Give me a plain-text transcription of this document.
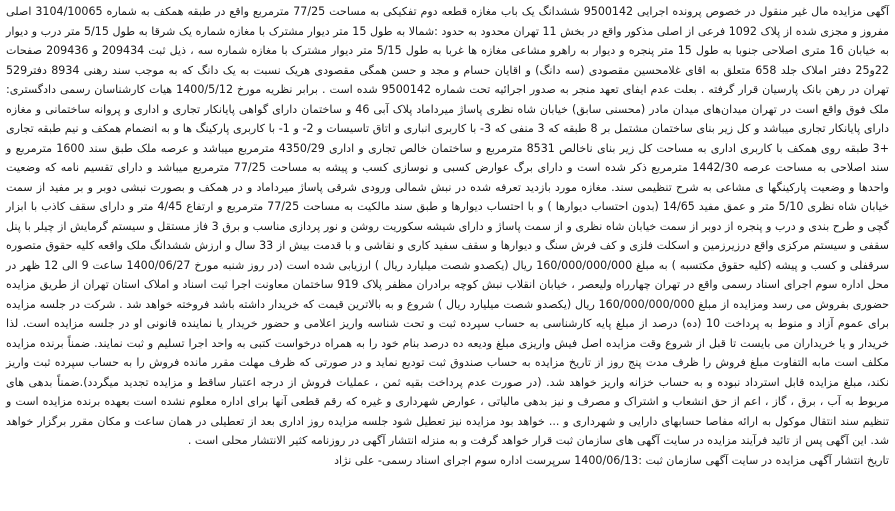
آگهی مزایده مال غیر منقول در خصوص پرونده اجرایی 9500142 ششدانگ یک باب مغازه قطعه دوم تفکیکی به مساحت 77/25 مترمربع واقع در طبقه همکف به شماره 3104/10065 اصلی مفروز و مجزی شده از پلاک 1092 فرعی از اصلی مذکور واقع در بخش 11 تهران محدود به حدود :شمالا به طول 15 متر دیوار مشترک با مغازه شماره یک شرقا به طول 5/15 متر درب و دیوار به خیابان 16 متری اصلاحی جنوبا به طول 15 متر پنجره و دیوار به راهرو مشاعی مغازه ها غربا به طول 5/15 متر دیوار مشترک با مغازه شماره سه ، ذیل ثبت 209434 و 209436 صفحات 22و25 دفتر املاک جلد 658 متعلق به اقای غلامحسین مقصودی (سه دانگ) و اقایان حسام و مجد و حسن همگی مقصودی هریک نسبت به یک دانگ که به موجب سند رهنی 8934 دفتر529 تهران در رهن بانک پارسیان قرار گرفته . بعلت عدم ایفای تعهد منجر به صدور اجرائیه تحت شماره 9500142 شده است . برابر نظریه مورخ 1400/5/12 هیات کارشناسان رسمی دادگستری: ملک فوق واقع است در تهران میدان‌های میدان مادر (محسنی سابق) خیابان شاه نظری پاساژ میرداماد پلاک آبی 46 و ساختمان دارای گواهی پایانکار تجاری و اداری و پروانه ساختمانی و مغازه دارای پایانکار تجاری میباشد و کل زیر بنای ساختمان مشتمل بر 8 طبقه که 3 منفی که 3- با کاربری انباری و اتاق تاسیسات و 2- و 1- با کاربری پارکینگ ها و به انضمام همکف و نیم طبقه تجاری +3 طبقه روی همکف با کاربری اداری به مساحت کل زیر بنای ناخالص 8531 مترمربع و ساختمان خالص تجاری و اداری 4350/29 مترمربع میباشد و عرصه ملک طبق سند 1600 مترمربع و سند اصلاحی به مساحت عرصه 1442/30 مترمربع ذکر شده است و دارای برگ عوارض کسبی و نوسازی کسب و پیشه به مساحت 77/25 مترمربع میباشد و دارای تقسیم نامه که وضعیت واحدها و وضعیت پارکینگها ی مشاعی به شرح تنظیمی سند. مغازه مورد بازدید تعرفه شده در نبش شمالی ورودی شرقی پاساژ میرداماد و در همکف و بصورت نبشی دوبر و بر مفید از سمت خیابان شاه نظری 5/10 متر و عمق مفید 14/65 (بدون احتساب دیوارها ) و با احتساب دیوارها و طبق سند مالکیت به مساحت 77/25 مترمربع و ارتفاع 4/45 متر و دارای سقف کاذب با ابزار گچی و طرح بندی و درب و پنجره از دوبر از سمت خیابان شاه نظری و از سمت پاساژ و دارای شیشه سکوریت روشن و نور پردازی مناسب و برق 3 فاز مستقل و سیستم گرمایش از چیلر با پنل سقفی و سیستم مرکزی واقع درزیرزمین و اسکلت فلزی و کف فرش سنگ و دیوارها و سقف سفید کاری و نقاشی و با قدمت بیش از 33 سال و ارزش ششدانگ ملک واقعه کلیه حقوق متصوره سرقفلی و کسب و پیشه (کلیه حقوق مکتسبه ) به مبلغ 160/000/000/000 ریال (یکصدو شصت میلیارد ریال ) ارزیابی شده است (در روز شنبه مورخ 1400/06/27 ساعت 9 الی 12 ظهر در محل اداره سوم اجرای اسناد رسمی واقع در تهران چهارراه ولیعصر ، خیابان انقلاب نبش کوچه برادران مظفر پلاک 919 ساختمان معاونت اجرا ثبت اسناد و املاک استان تهران از طریق مزایده حضوری بفروش می رسد ومزایده از مبلغ 160/000/000/000 ریال (یکصدو شصت میلیارد ریال ) شروع و به بالاترین قیمت که خریدار داشته باشد فروخته خواهد شد . شرکت در جلسه مزایده برای عموم آزاد و منوط به پرداخت 10 (ده) درصد از مبلغ پایه کارشناسی به حساب سپرده ثبت و تحت شناسه واریز اعلامی و حضور خریدار یا نماینده قانونی او در جلسه مزایده است. لذا خریدار و یا خریداران می بایست تا قبل از شروع وقت مزایده اصل فیش واریزی مبلغ ودیعه ده درصد بنام خود را به همراه درخواست کتبی به واحد اجرا تسلیم و ثبت نمایند. ضمناً برنده مزایده مکلف است مابه التفاوت مبلغ فروش را ظرف مدت پنج روز از تاریخ مزایده به حساب صندوق ثبت تودیع نماید و در صورتی که ظرف مهلت مقرر مانده فروش را به حساب سپرده ثبت واریز نکند، مبلغ مزایده قابل استرداد نبوده و به حساب خزانه واریز خواهد شد. (در صورت عدم پرداخت بقیه ثمن ، عملیات فروش از درجه اعتبار ساقط و مزایده تجدید میگردد).ضمناً بدهی های مربوط به آب ، برق ، گاز ، اعم از حق انشعاب و اشتراک و مصرف و نیز بدهی مالیاتی ، عوارض شهرداری و غیره که رقم قطعی آنها برای اداره معلوم نشده است بعهده برنده مزایده است و تنظیم سند انتقال موکول به ارائه مفاصا حسابهای دارایی و شهرداری و ... خواهد بود مزایده نیز تعطیل شود جلسه مزایده روز اداری بعد از تعطیلی در همان ساعت و مکان مقرر برگزار خواهد شد. این آگهی پس از تائید فرآیند مزایده در سایت آگهی های سازمان ثبت قرار خواهد گرفت و به منزله انتشار آگهی در روزنامه کثیر الانتشار محلی است .

تاریخ انتشار آگهی مزایده در سایت آگهی سازمان ثبت :1400/06/13 سرپرست اداره سوم اجرای اسناد رسمی- علی نژاد
